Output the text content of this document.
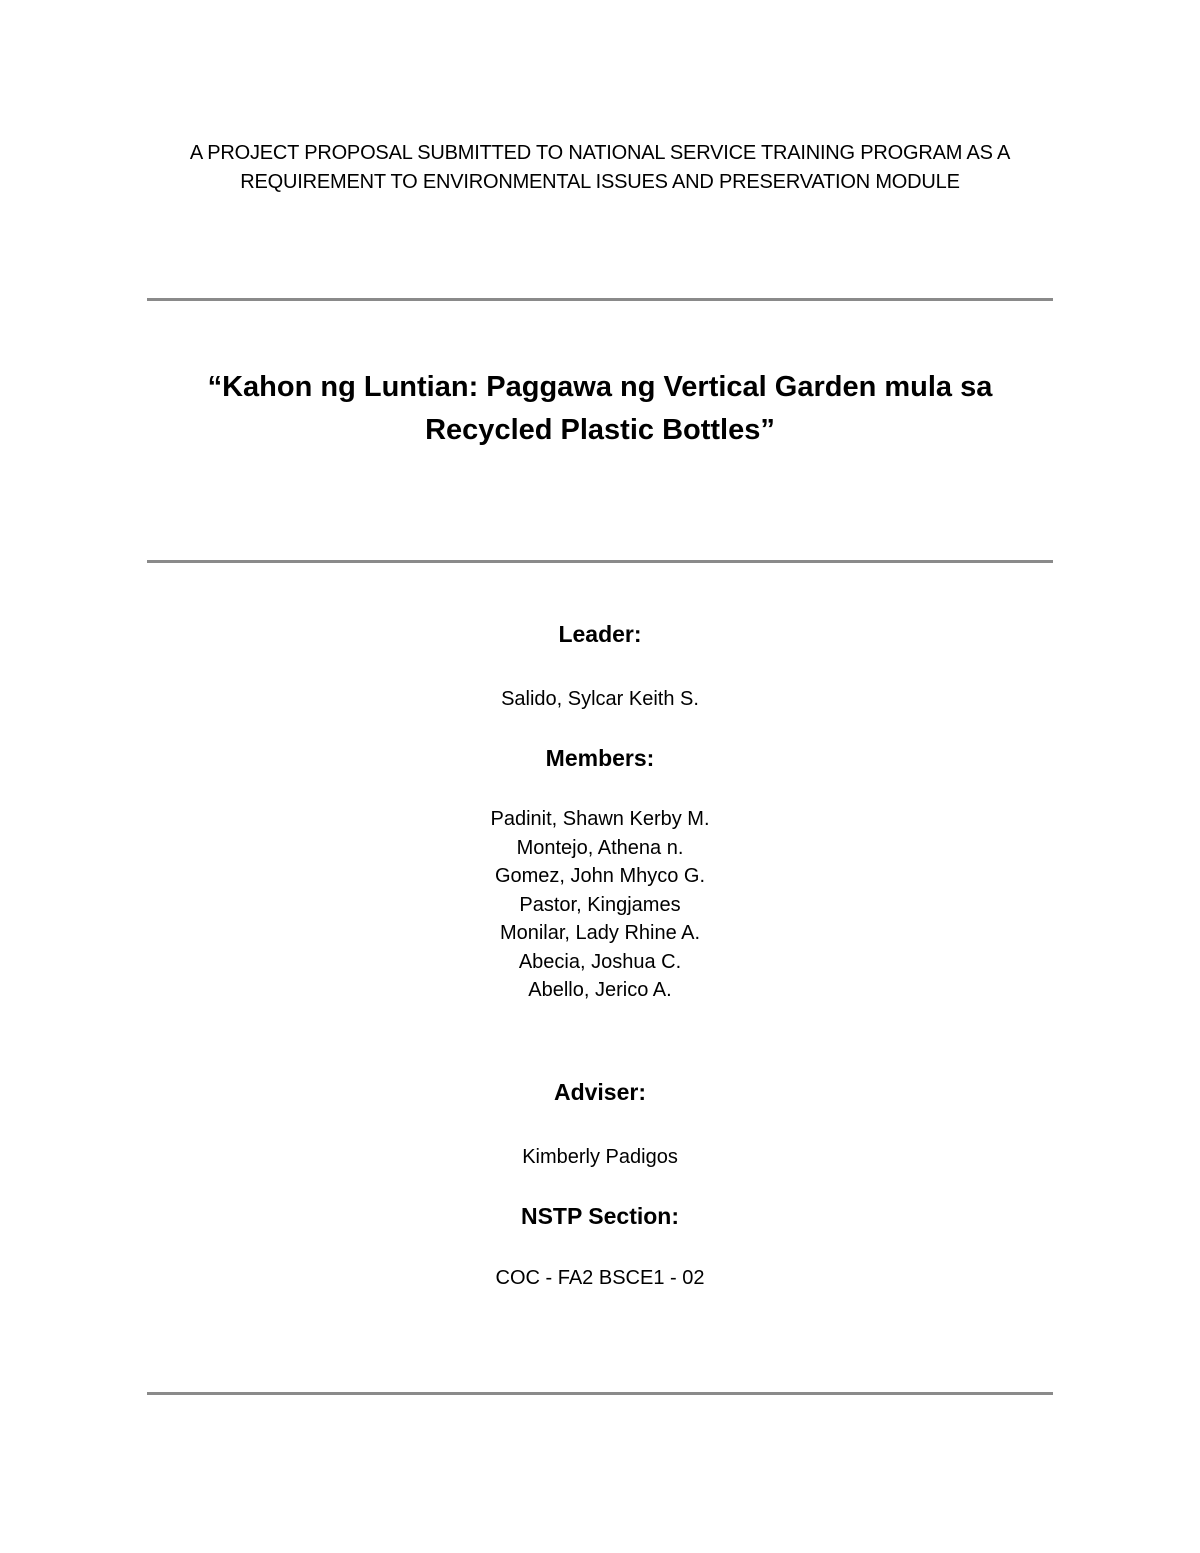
A PROJECT PROPOSAL SUBMITTED TO NATIONAL SERVICE TRAINING PROGRAM AS A
REQUIREMENT TO ENVIRONMENTAL ISSUES AND PRESERVATION MODULE
“Kahon ng Luntian: Paggawa ng Vertical Garden mula sa
Recycled Plastic Bottles”
Leader:
Salido, Sylcar Keith S.
Members:
Padinit, Shawn Kerby M.
Montejo, Athena n.
Gomez, John Mhyco G.
Pastor, Kingjames
Monilar, Lady Rhine A.
Abecia, Joshua C.
Abello, Jerico A.
Adviser:
Kimberly Padigos
NSTP Section:
COC - FA2 BSCE1 - 02
